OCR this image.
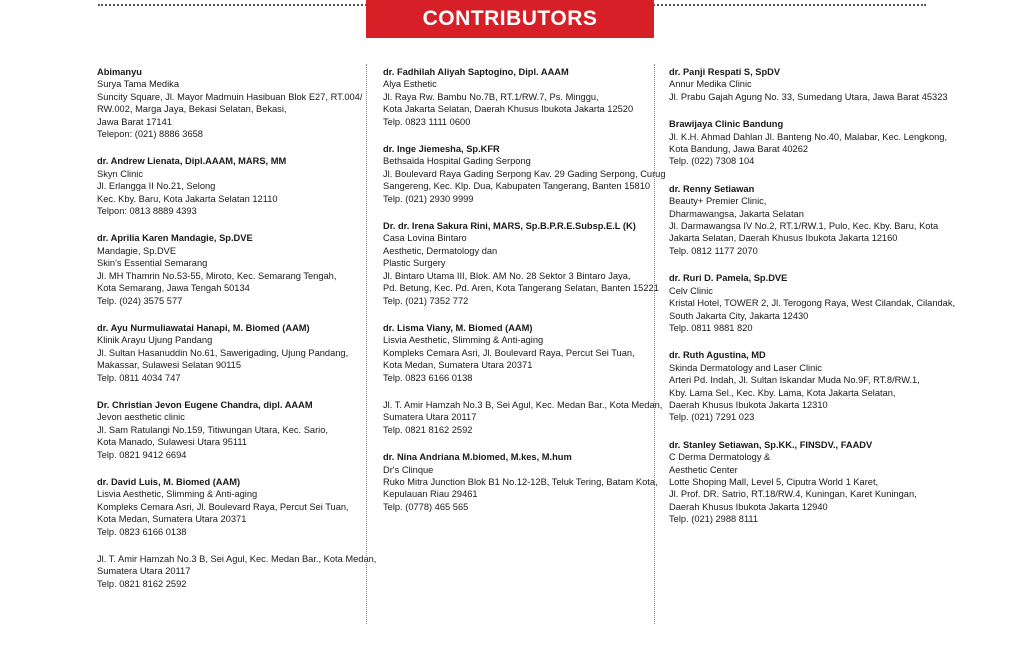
CONTRIBUTORS
Abimanyu
Surya Tama Medika
Suncity Square, Jl. Mayor Madmuin Hasibuan Blok E27, RT.004/
RW.002, Marga Jaya, Bekasi Selatan, Bekasi,
Jawa Barat 17141
Telepon: (021) 8886 3658
dr. Andrew Lienata, Dipl.AAAM, MARS, MM
Skyn Clinic
Jl. Erlangga II No.21, Selong
Kec. Kby. Baru, Kota Jakarta Selatan 12110
Telpon: 0813 8889 4393
dr. Aprilia Karen Mandagie, Sp.DVE
Mandagie, Sp.DVE
Skin's Essential Semarang
Jl. MH Thamrin No.53-55, Miroto, Kec. Semarang Tengah,
Kota Semarang, Jawa Tengah 50134
Telp. (024) 3575 577
dr. Ayu Nurmuliawatai Hanapi, M. Biomed (AAM)
Klinik Arayu Ujung Pandang
Jl. Sultan Hasanuddin No.61, Sawerigading, Ujung Pandang,
Makassar, Sulawesi Selatan 90115
Telp. 0811 4034 747
Dr. Christian Jevon Eugene Chandra, dipl. AAAM
Jevon aesthetic clinic
Jl. Sam Ratulangi No.159, Titiwungan Utara, Kec. Sario,
Kota Manado, Sulawesi Utara 95111
Telp. 0821 9412 6694
dr. David Luis, M. Biomed (AAM)
Lisvia Aesthetic, Slimming & Anti-aging
Kompleks Cemara Asri, Jl. Boulevard Raya, Percut Sei Tuan,
Kota Medan, Sumatera Utara 20371
Telp. 0823 6166 0138
Jl. T. Amir Hamzah No.3 B, Sei Agul, Kec. Medan Bar., Kota Medan,
Sumatera Utara 20117
Telp. 0821 8162 2592
dr. Fadhilah Aliyah Saptogino, Dipl. AAAM
Alya Esthetic
Jl. Raya Rw. Bambu No.7B, RT.1/RW.7, Ps. Minggu,
Kota Jakarta Selatan, Daerah Khusus Ibukota Jakarta 12520
Telp. 0823 1111 0600
dr. Inge Jiemesha, Sp.KFR
Bethsaida Hospital Gading Serpong
Jl. Boulevard Raya Gading Serpong Kav. 29 Gading Serpong, Curug
Sangereng, Kec. Klp. Dua, Kabupaten Tangerang, Banten 15810
Telp. (021) 2930 9999
Dr. dr. Irena Sakura Rini, MARS, Sp.B.P.R.E.Subsp.E.L (K)
Casa Lovina Bintaro
Aesthetic, Dermatology dan
Plastic Surgery
Jl. Bintaro Utama III, Blok. AM No. 28 Sektor 3 Bintaro Jaya,
Pd. Betung, Kec. Pd. Aren, Kota Tangerang Selatan, Banten 15221
Telp. (021) 7352 772
dr. Lisma Viany, M. Biomed (AAM)
Lisvia Aesthetic, Slimming & Anti-aging
Kompleks Cemara Asri, Jl. Boulevard Raya, Percut Sei Tuan,
Kota Medan, Sumatera Utara 20371
Telp. 0823 6166 0138
Jl. T. Amir Hamzah No.3 B, Sei Agul, Kec. Medan Bar., Kota Medan,
Sumatera Utara 20117
Telp. 0821 8162 2592
dr. Nina Andriana M.biomed, M.kes, M.hum
Dr's Clinque
Ruko Mitra Junction Blok B1 No.12-12B, Teluk Tering, Batam Kota,
Kepulauan Riau 29461
Telp. (0778) 465 565
dr. Panji Respati S, SpDV
Annur Medika Clinic
Jl. Prabu Gajah Agung No. 33, Sumedang Utara, Jawa Barat 45323
Brawijaya Clinic Bandung
Jl. K.H. Ahmad Dahlan Jl. Banteng No.40, Malabar, Kec. Lengkong,
Kota Bandung, Jawa Barat 40262
Telp. (022) 7308 104
dr. Renny Setiawan
Beauty+ Premier Clinic,
Dharmawangsa, Jakarta Selatan
Jl. Darmawangsa IV No.2, RT.1/RW.1, Pulo, Kec. Kby. Baru, Kota
Jakarta Selatan, Daerah Khusus Ibukota Jakarta 12160
Telp. 0812 1177 2070
dr. Ruri D. Pamela, Sp.DVE
Celv Clinic
Kristal Hotel, TOWER 2, Jl. Terogong Raya, West Cilandak, Cilandak,
South Jakarta City, Jakarta 12430
Telp. 0811 9881 820
dr. Ruth Agustina, MD
Skinda Dermatology and Laser Clinic
Arteri Pd. Indah, Jl. Sultan Iskandar Muda No.9F, RT.8/RW.1,
Kby. Lama Sel., Kec. Kby. Lama, Kota Jakarta Selatan,
Daerah Khusus Ibukota Jakarta 12310
Telp. (021) 7291 023
dr. Stanley Setiawan, Sp.KK., FINSDV., FAADV
C Derma Dermatology &
Aesthetic Center
Lotte Shoping Mall, Level 5, Ciputra World 1 Karet,
Jl. Prof. DR. Satrio, RT.18/RW.4, Kuningan, Karet Kuningan,
Daerah Khusus Ibukota Jakarta 12940
Telp. (021) 2988 8111
